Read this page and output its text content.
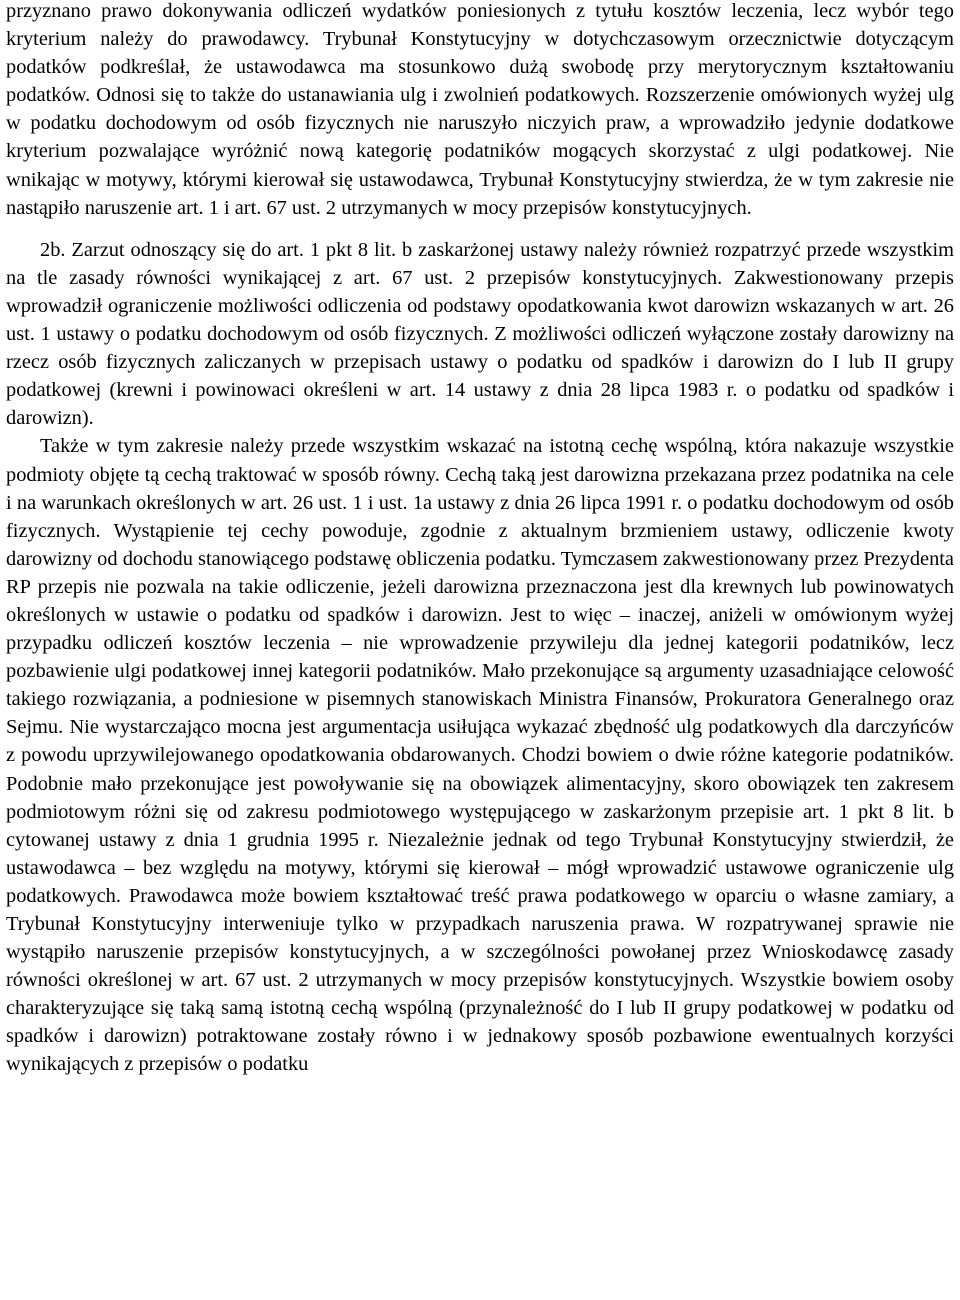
przyznano prawo dokonywania odliczeń wydatków poniesionych z tytułu kosztów leczenia, lecz wybór tego kryterium należy do prawodawcy. Trybunał Konstytucyjny w dotychczasowym orzecznictwie dotyczącym podatków podkreślał, że ustawodawca ma stosunkowo dużą swobodę przy merytorycznym kształtowaniu podatków. Odnosi się to także do ustanawiania ulg i zwolnień podatkowych. Rozszerzenie omówionych wyżej ulg w podatku dochodowym od osób fizycznych nie naruszyło niczyich praw, a wprowadziło jedynie dodatkowe kryterium pozwalające wyróżnić nową kategorię podatników mogących skorzystać z ulgi podatkowej. Nie wnikając w motywy, którymi kierował się ustawodawca, Trybunał Konstytucyjny stwierdza, że w tym zakresie nie nastąpiło naruszenie art. 1 i art. 67 ust. 2 utrzymanych w mocy przepisów konstytucyjnych.

2b. Zarzut odnoszący się do art. 1 pkt 8 lit. b zaskarżonej ustawy należy również rozpatrzyć przede wszystkim na tle zasady równości wynikającej z art. 67 ust. 2 przepisów konstytucyjnych. Zakwestionowany przepis wprowadził ograniczenie możliwości odliczenia od podstawy opodatkowania kwot darowizn wskazanych w art. 26 ust. 1 ustawy o podatku dochodowym od osób fizycznych. Z możliwości odliczeń wyłączone zostały darowizny na rzecz osób fizycznych zaliczanych w przepisach ustawy o podatku od spadków i darowizn do I lub II grupy podatkowej (krewni i powinowaci określeni w art. 14 ustawy z dnia 28 lipca 1983 r. o podatku od spadków i darowizn).

Także w tym zakresie należy przede wszystkim wskazać na istotną cechę wspólną, która nakazuje wszystkie podmioty objęte tą cechą traktować w sposób równy. Cechą taką jest darowizna przekazana przez podatnika na cele i na warunkach określonych w art. 26 ust. 1 i ust. 1a ustawy z dnia 26 lipca 1991 r. o podatku dochodowym od osób fizycznych. Wystąpienie tej cechy powoduje, zgodnie z aktualnym brzmieniem ustawy, odliczenie kwoty darowizny od dochodu stanowiącego podstawę obliczenia podatku. Tymczasem zakwestionowany przez Prezydenta RP przepis nie pozwala na takie odliczenie, jeżeli darowizna przeznaczona jest dla krewnych lub powinowatych określonych w ustawie o podatku od spadków i darowizn. Jest to więc – inaczej, aniżeli w omówionym wyżej przypadku odliczeń kosztów leczenia – nie wprowadzenie przywileju dla jednej kategorii podatników, lecz pozbawienie ulgi podatkowej innej kategorii podatników. Mało przekonujące są argumenty uzasadniające celowość takiego rozwiązania, a podniesione w pisemnych stanowiskach Ministra Finansów, Prokuratora Generalnego oraz Sejmu. Nie wystarczająco mocna jest argumentacja usiłująca wykazać zbędność ulg podatkowych dla darczyńców z powodu uprzywilejowanego opodatkowania obdarowanych. Chodzi bowiem o dwie różne kategorie podatników. Podobnie mało przekonujące jest powoływanie się na obowiązek alimentacyjny, skoro obowiązek ten zakresem podmiotowym różni się od zakresu podmiotowego występującego w zaskarżonym przepisie art. 1 pkt 8 lit. b cytowanej ustawy z dnia 1 grudnia 1995 r. Niezależnie jednak od tego Trybunał Konstytucyjny stwierdził, że ustawodawca – bez względu na motywy, którymi się kierował – mógł wprowadzić ustawowe ograniczenie ulg podatkowych. Prawodawca może bowiem kształtować treść prawa podatkowego w oparciu o własne zamiary, a Trybunał Konstytucyjny interweniuje tylko w przypadkach naruszenia prawa. W rozpatrywanej sprawie nie wystąpiło naruszenie przepisów konstytucyjnych, a w szczególności powołanej przez Wnioskodawcę zasady równości określonej w art. 67 ust. 2 utrzymanych w mocy przepisów konstytucyjnych. Wszystkie bowiem osoby charakteryzujące się taką samą istotną cechą wspólną (przynależność do I lub II grupy podatkowej w podatku od spadków i darowizn) potraktowane zostały równo i w jednakowy sposób pozbawione ewentualnych korzyści wynikających z przepisów o podatku
